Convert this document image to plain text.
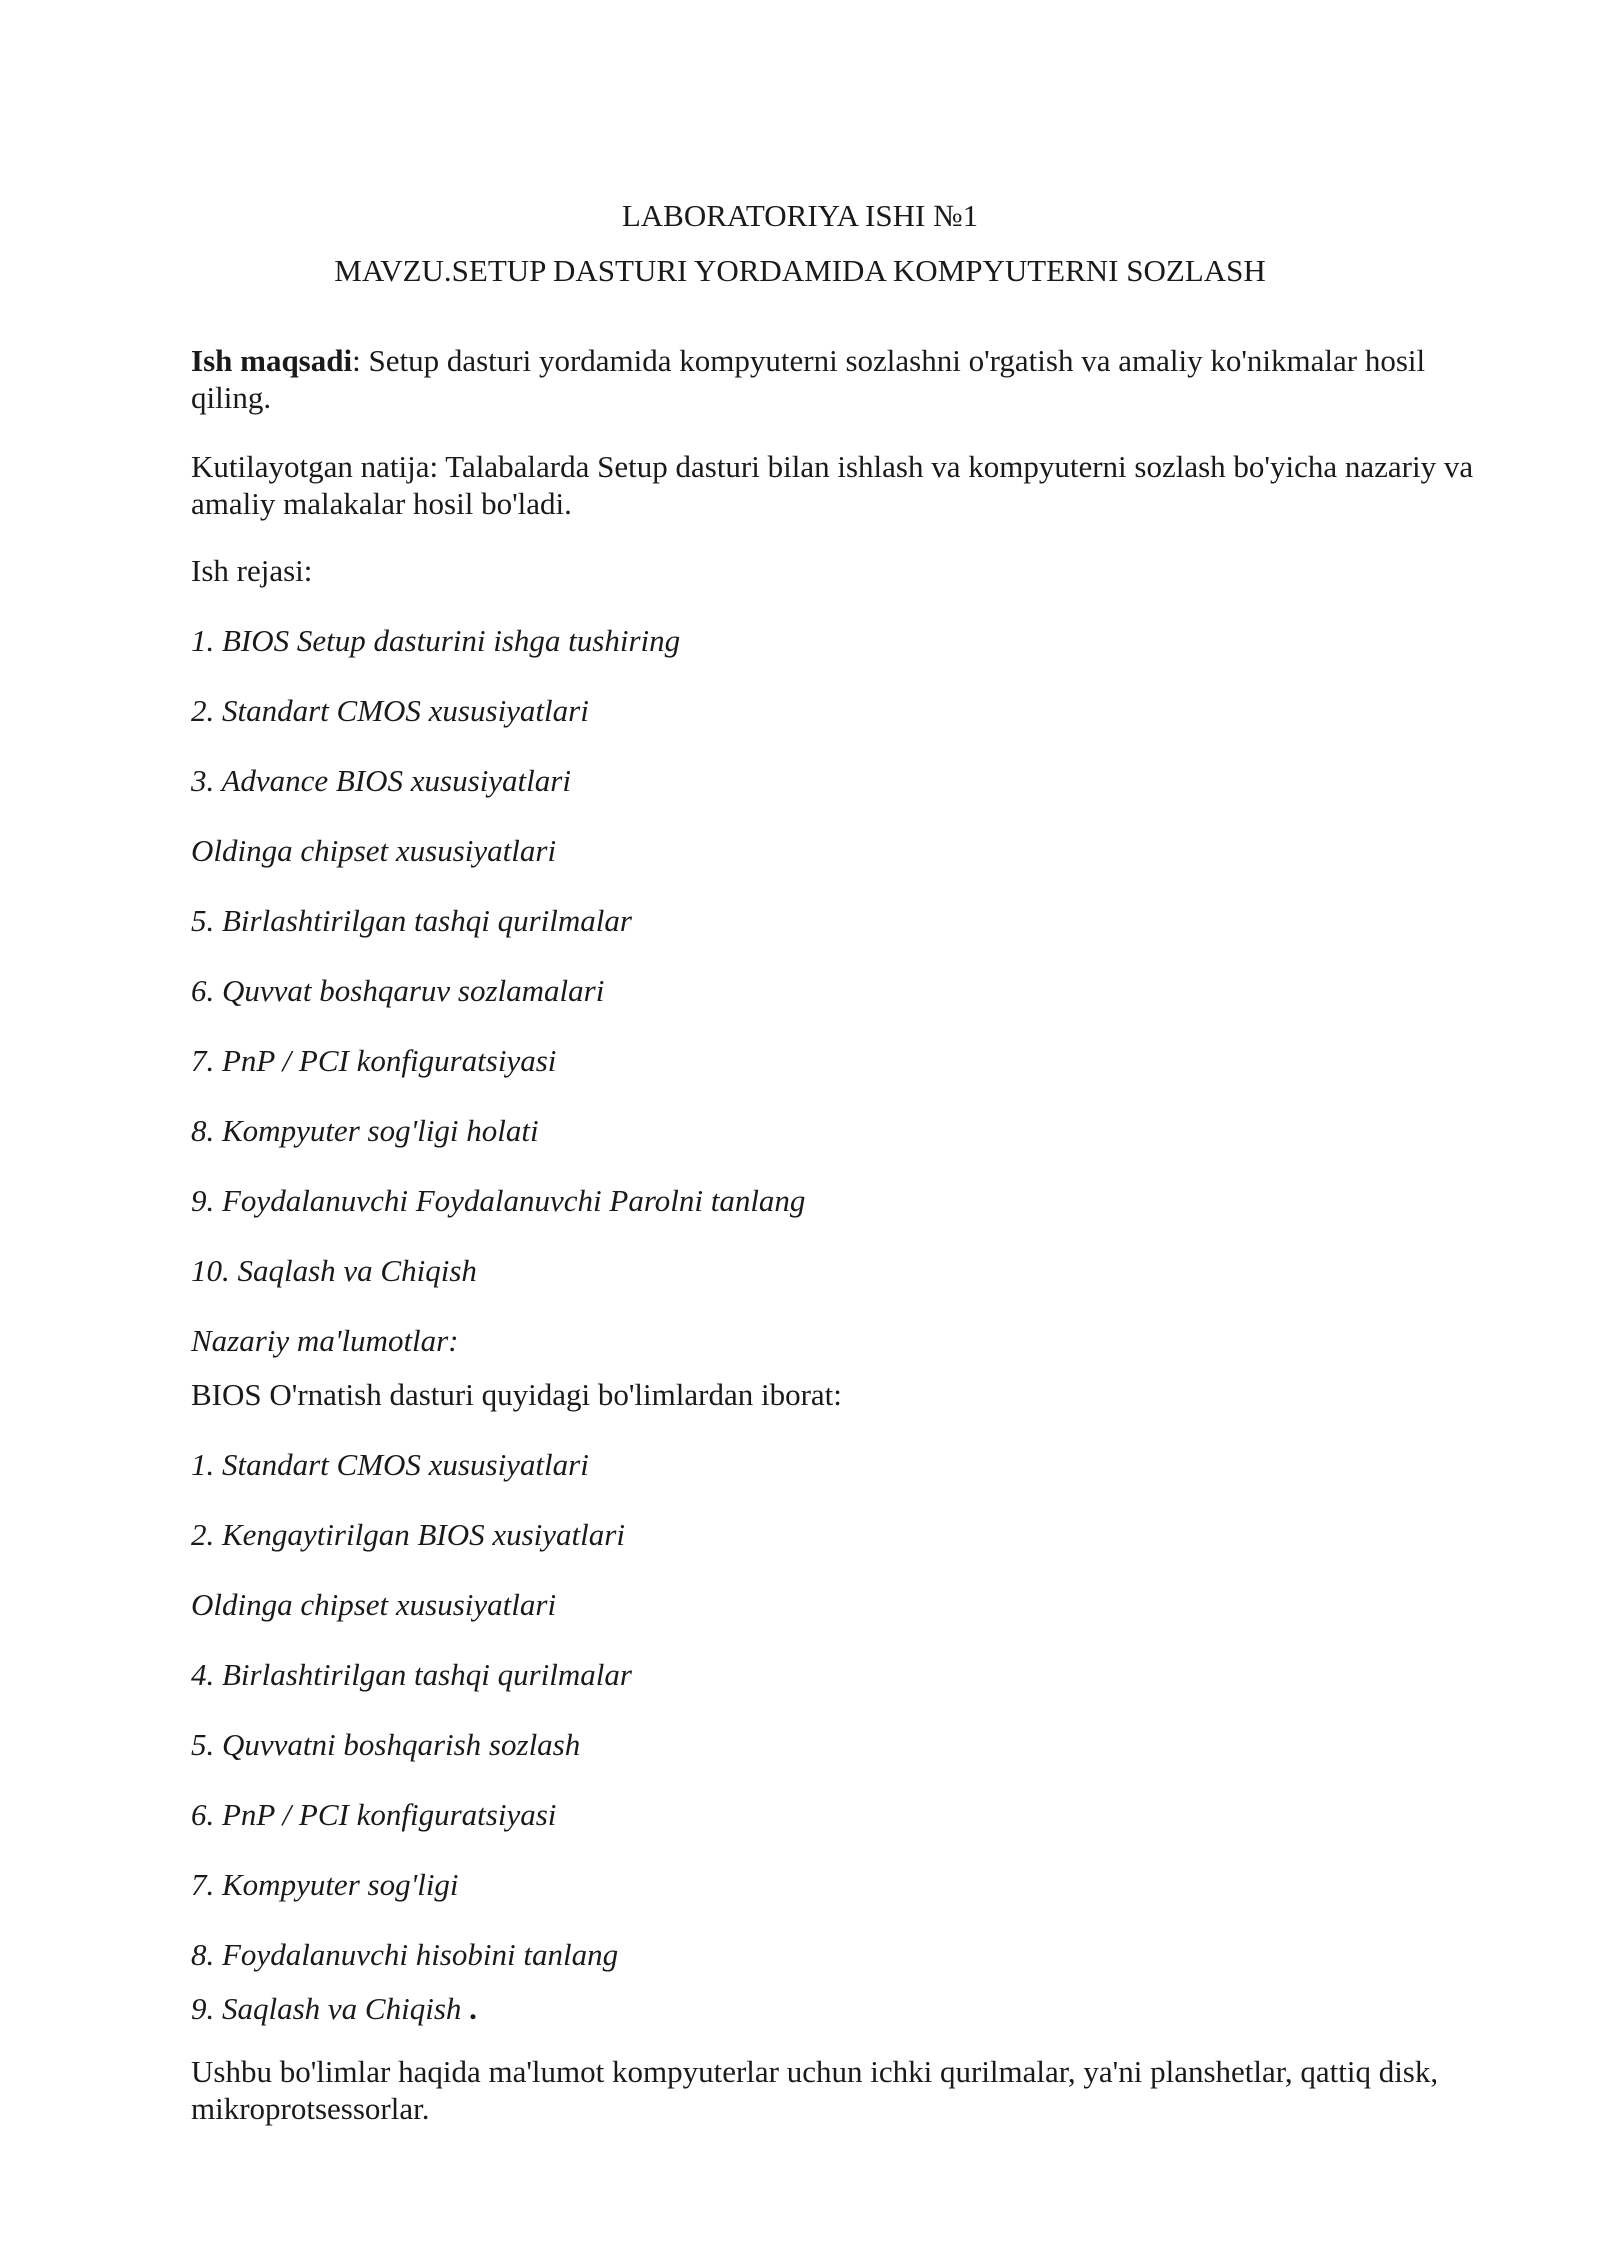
LABORATORIYA ISHI №1
MAVZU.SETUP DASTURI YORDAMIDA KOMPYUTERNI SOZLASH

Ish maqsadi: Setup dasturi yordamida kompyuterni sozlashni o'rgatish va amaliy ko'nikmalar hosil qiling.

Kutilayotgan natija: Talabalarda Setup dasturi bilan ishlash va kompyuterni sozlash bo'yicha nazariy va amaliy malakalar hosil bo'ladi.

Ish rejasi:

1. BIOS Setup dasturini ishga tushiring

2. Standart CMOS xususiyatlari

3. Advance BIOS xususiyatlari

Oldinga chipset xususiyatlari

5. Birlashtirilgan tashqi qurilmalar

6. Quvvat boshqaruv sozlamalari

7. PnP / PCI konfiguratsiyasi

8. Kompyuter sog'ligi holati

9. Foydalanuvchi Foydalanuvchi Parolni tanlang

10. Saqlash va Chiqish

Nazariy ma'lumotlar:

BIOS O'rnatish dasturi quyidagi bo'limlardan iborat:

1. Standart CMOS xususiyatlari

2. Kengaytirilgan BIOS xusiyatlari

Oldinga chipset xususiyatlari

4. Birlashtirilgan tashqi qurilmalar

5. Quvvatni boshqarish sozlash

6. PnP / PCI konfiguratsiyasi

7. Kompyuter sog'ligi

8. Foydalanuvchi hisobini tanlang

9. Saqlash va Chiqish .

Ushbu bo'limlar haqida ma'lumot kompyuterlar uchun ichki qurilmalar, ya'ni planshetlar, qattiq disk, mikroprotsessorlar.
